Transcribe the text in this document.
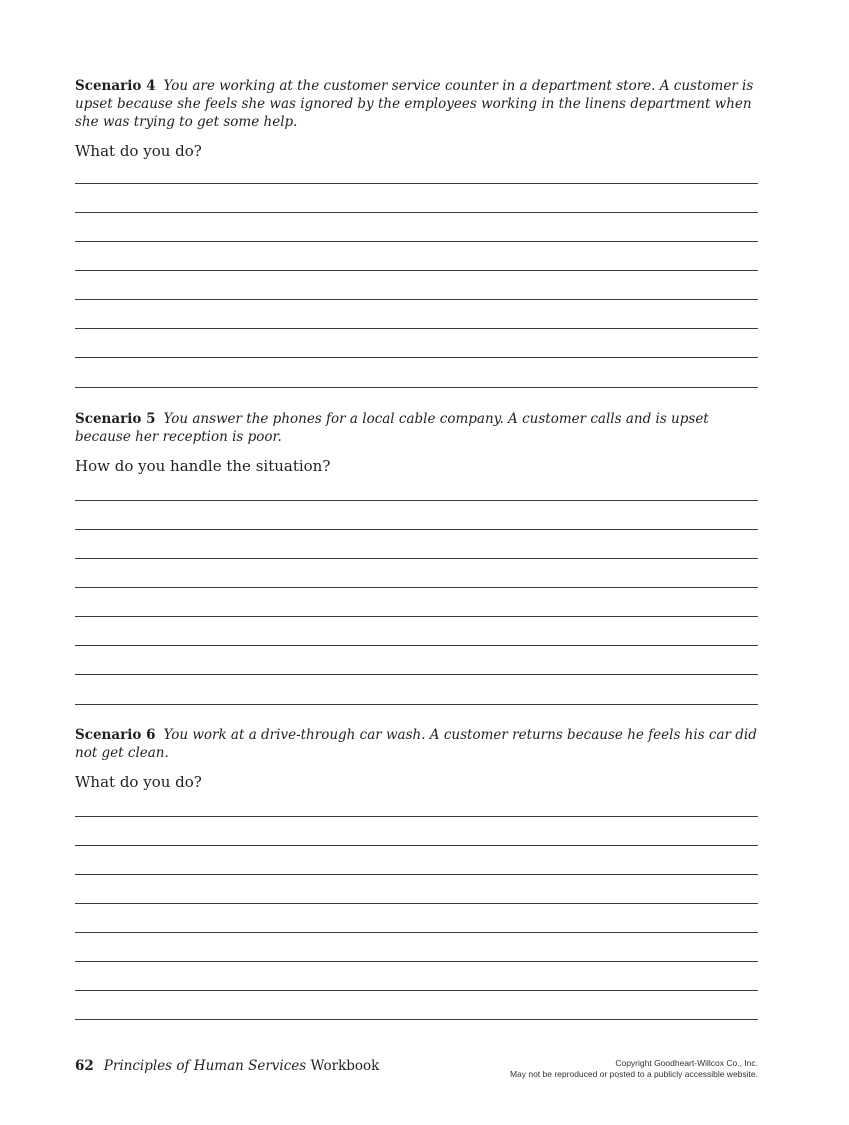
Scenario 4 You are working at the customer service counter in a department store. A customer is upset because she feels she was ignored by the employees working in the linens department when she was trying to get some help.

What do you do?

Scenario 5 You answer the phones for a local cable company. A customer calls and is upset because her reception is poor.

How do you handle the situation?

Scenario 6 You work at a drive-through car wash. A customer returns because he feels his car did not get clean.

What do you do?

62 Principles of Human Services Workbook	Copyright Goodheart-Willcox Co., Inc.
May not be reproduced or posted to a publicly accessible website.
